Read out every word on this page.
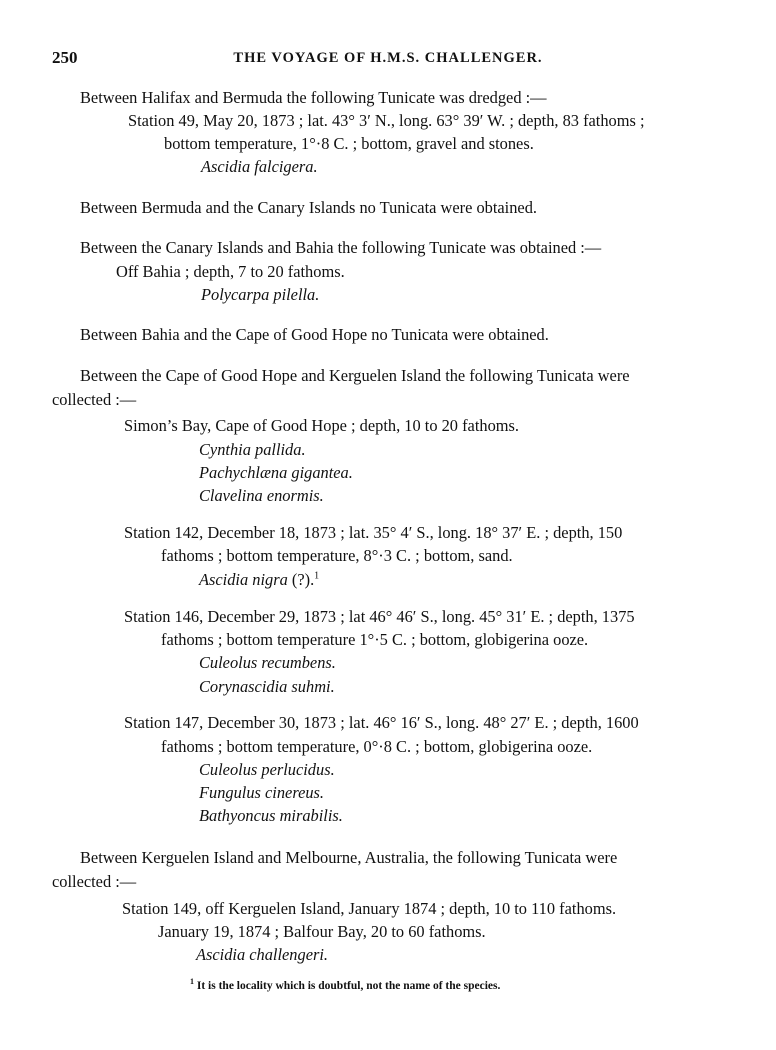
250	THE VOYAGE OF H.M.S. CHALLENGER.
Between Halifax and Bermuda the following Tunicate was dredged :—
Station 49, May 20, 1873 ; lat. 43° 3′ N., long. 63° 39′ W. ; depth, 83 fathoms ;
bottom temperature, 1°·8 C. ; bottom, gravel and stones.
Ascidia falcigera.
Between Bermuda and the Canary Islands no Tunicata were obtained.
Between the Canary Islands and Bahia the following Tunicate was obtained :—
Off Bahia ; depth, 7 to 20 fathoms.
Polycarpa pilella.
Between Bahia and the Cape of Good Hope no Tunicata were obtained.
Between the Cape of Good Hope and Kerguelen Island the following Tunicata were
collected :—
Simon’s Bay, Cape of Good Hope ; depth, 10 to 20 fathoms.
Cynthia pallida.
Pachychlæna gigantea.
Clavelina enormis.
Station 142, December 18, 1873 ; lat. 35° 4′ S., long. 18° 37′ E. ; depth, 150
fathoms ; bottom temperature, 8°·3 C. ; bottom, sand.
Ascidia nigra (?).$^1$
Station 146, December 29, 1873 ; lat 46° 46′ S., long. 45° 31′ E. ; depth, 1375
fathoms ; bottom temperature 1°·5 C. ; bottom, globigerina ooze.
Culeolus recumbens.
Corynascidia suhmi.
Station 147, December 30, 1873 ; lat. 46° 16′ S., long. 48° 27′ E. ; depth, 1600
fathoms ; bottom temperature, 0°·8 C. ; bottom, globigerina ooze.
Culeolus perlucidus.
Fungulus cinereus.
Bathyoncus mirabilis.
Between Kerguelen Island and Melbourne, Australia, the following Tunicata were
collected :—
Station 149, off Kerguelen Island, January 1874 ; depth, 10 to 110 fathoms.
January 19, 1874 ; Balfour Bay, 20 to 60 fathoms.
Ascidia challengeri.
$^1$ It is the locality which is doubtful, not the name of the species.
